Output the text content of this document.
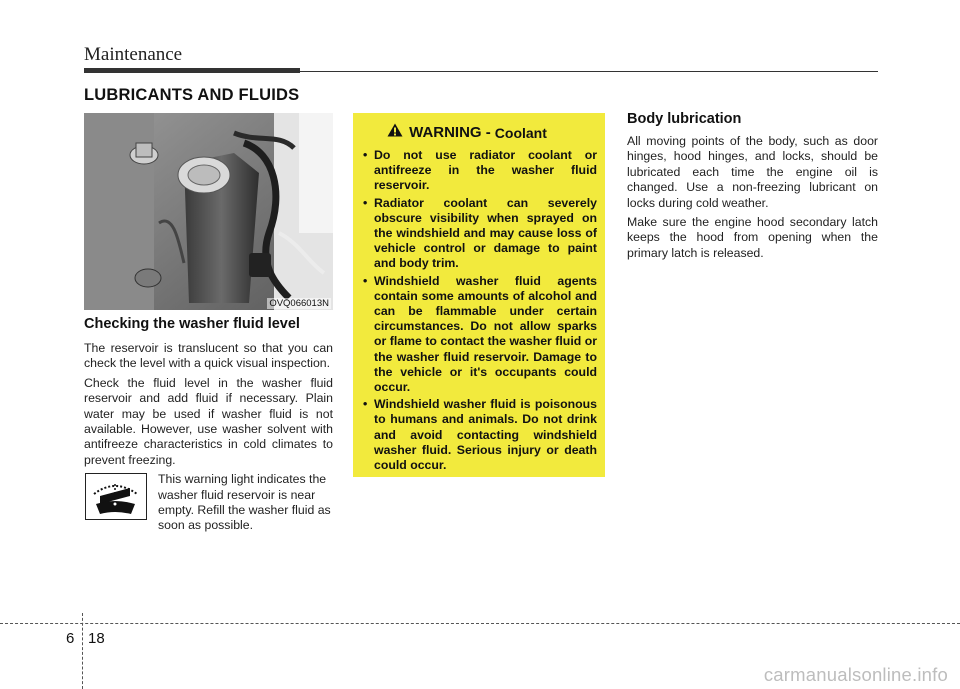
Maintenance
LUBRICANTS AND FLUIDS
OVQ066013N
Checking the washer fluid level

The reservoir is translucent so that you can check the level with a quick visual inspection.

Check the fluid level in the washer fluid reservoir and add fluid if necessary. Plain water may be used if washer fluid is not available. However, use washer solvent with antifreeze characteristics in cold climates to prevent freezing.

This warning light indicates the washer fluid reservoir is near empty. Refill the washer fluid as soon as possible.
WARNING - Coolant
• Do not use radiator coolant or antifreeze in the washer fluid reservoir.
• Radiator coolant can severely obscure visibility when sprayed on the windshield and may cause loss of vehicle control or damage to paint and body trim.
• Windshield washer fluid agents contain some amounts of alcohol and can be flammable under certain circumstances. Do not allow sparks or flame to contact the washer fluid or the washer fluid reservoir. Damage to the vehicle or it's occupants could occur.
• Windshield washer fluid is poisonous to humans and animals. Do not drink and avoid contacting windshield washer fluid. Serious injury or death could occur.
Body lubrication

All moving points of the body, such as door hinges, hood hinges, and locks, should be lubricated each time the engine oil is changed. Use a non-freezing lubricant on locks during cold weather.

Make sure the engine hood secondary latch keeps the hood from opening when the primary latch is released.

6 18
carmanualsonline.info
